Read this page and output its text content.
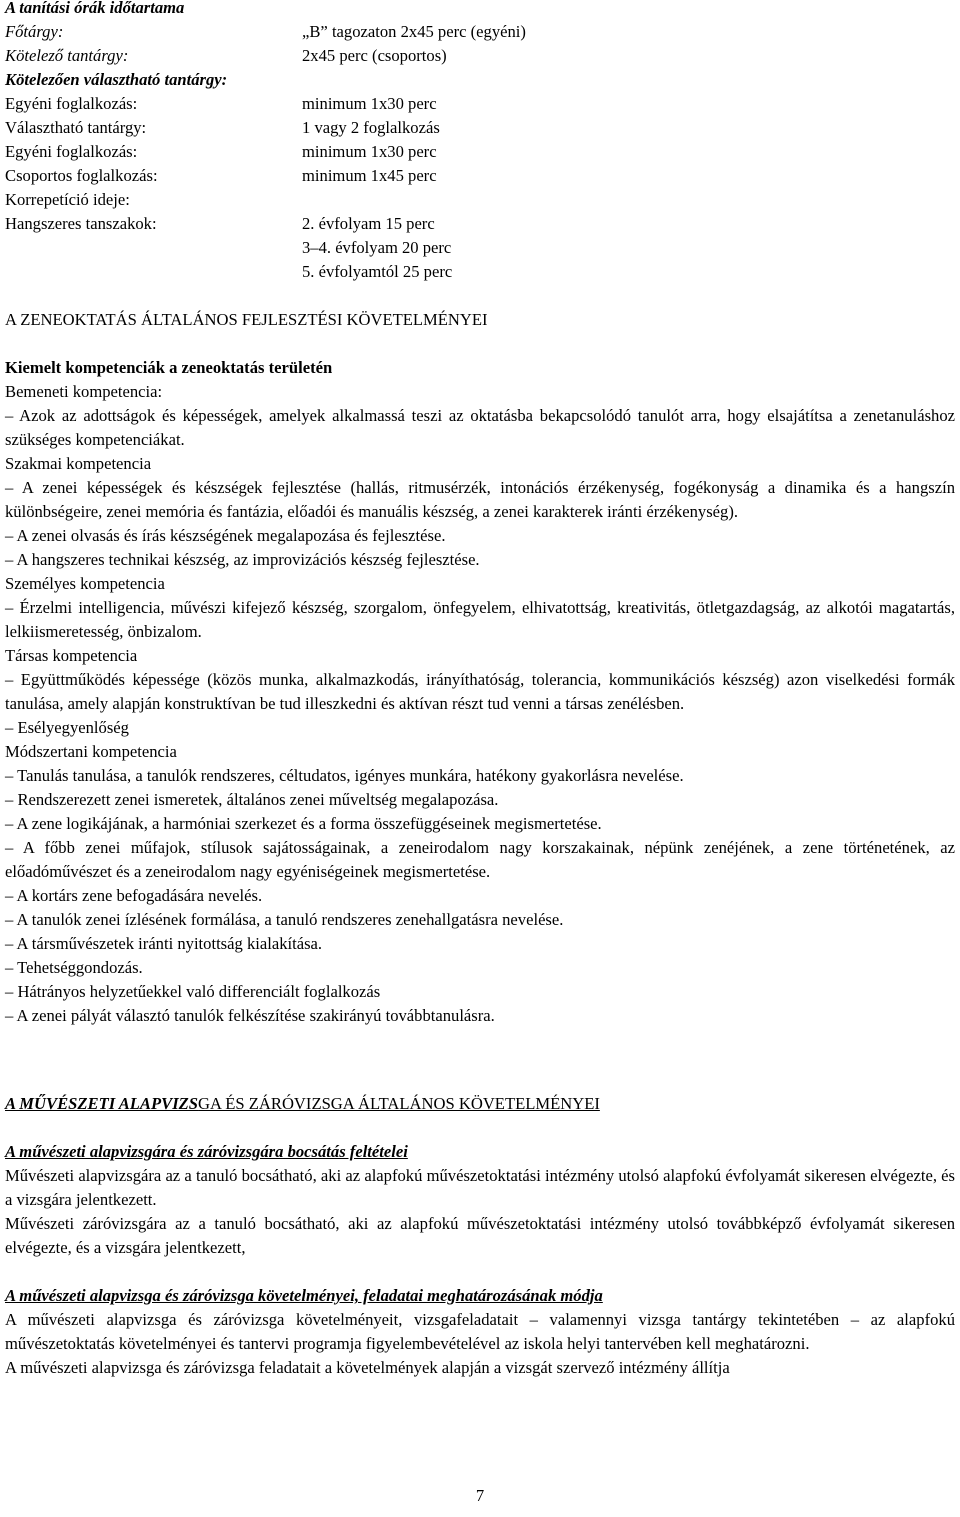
A tanítási órák időtartama
Főtárgy:	„B” tagozaton 2x45 perc (egyéni)
Kötelező tantárgy:	2x45 perc (csoportos)
Kötelezően választható tantárgy:
Egyéni foglalkozás:	minimum 1x30 perc
Választható tantárgy:	1 vagy 2 foglalkozás
Egyéni foglalkozás:	minimum 1x30 perc
Csoportos foglalkozás:	minimum 1x45 perc
Korrepetíció ideje:
Hangszeres tanszakok:	2. évfolyam 15 perc
3–4. évfolyam 20 perc
5. évfolyamtól 25 perc
A ZENEOKTATÁS ÁLTALÁNOS FEJLESZTÉSI KÖVETELMÉNYEI
Kiemelt kompetenciák a zeneoktatás területén
Bemeneti kompetencia:
– Azok az adottságok és képességek, amelyek alkalmassá teszi az oktatásba bekapcsolódó tanulót arra, hogy elsajátítsa a zenetanuláshoz szükséges kompetenciákat.
Szakmai kompetencia
– A zenei képességek és készségek fejlesztése (hallás, ritmusérzék, intonációs érzékenység, fogékonyság a dinamika és a hangszín különbségeire, zenei memória és fantázia, előadói és manuális készség, a zenei karakterek iránti érzékenység).
– A zenei olvasás és írás készségének megalapozása és fejlesztése.
– A hangszeres technikai készség, az improvizációs készség fejlesztése.
Személyes kompetencia
– Érzelmi intelligencia, művészi kifejező készség, szorgalom, önfegyelem, elhivatottság, kreativitás, ötletgazdagság, az alkotói magatartás, lelkiismeretesség, önbizalom.
Társas kompetencia
– Együttműködés képessége (közös munka, alkalmazkodás, irányíthatóság, tolerancia, kommunikációs készség) azon viselkedési formák tanulása, amely alapján konstruktívan be tud illeszkedni és aktívan részt tud venni a társas zenélésben.
– Esélyegyenlőség
Módszertani kompetencia
– Tanulás tanulása, a tanulók rendszeres, céltudatos, igényes munkára, hatékony gyakorlásra nevelése.
– Rendszerezett zenei ismeretek, általános zenei műveltség megalapozása.
– A zene logikájának, a harmóniai szerkezet és a forma összefüggéseinek megismertetése.
– A főbb zenei műfajok, stílusok sajátosságainak, a zeneirodalom nagy korszakainak, népünk zenéjének, a zene történetének, az előadóművészet és a zeneirodalom nagy egyéniségeinek megismertetése.
– A kortárs zene befogadására nevelés.
– A tanulók zenei ízlésének formálása, a tanuló rendszeres zenehallgatásra nevelése.
– A társművészetek iránti nyitottság kialakítása.
– Tehetséggondozás.
– Hátrányos helyzetűekkel való differenciált foglalkozás
– A zenei pályát választó tanulók felkészítése szakirányú továbbtanulásra.
A MŰVÉSZETI ALAPVIZSGA ÉS ZÁRÓVIZSGA ÁLTALÁNOS KÖVETELMÉNYEI
A művészeti alapvizsgára és záróvizsgára bocsátás feltételei
Művészeti alapvizsgára az a tanuló bocsátható, aki az alapfokú művészetoktatási intézmény utolsó alapfokú évfolyamát sikeresen elvégezte, és a vizsgára jelentkezett.
Művészeti záróvizsgára az a tanuló bocsátható, aki az alapfokú művészetoktatási intézmény utolsó továbbképző évfolyamát sikeresen elvégezte, és a vizsgára jelentkezett,
A művészeti alapvizsga és záróvizsga követelményei, feladatai meghatározásának módja
A művészeti alapvizsga és záróvizsga követelményeit, vizsgafeladatait – valamennyi vizsga tantárgy tekintetében – az alapfokú művészetoktatás követelményei és tantervi programja figyelembevételével az iskola helyi tantervében kell meghatározni.
A művészeti alapvizsga és záróvizsga feladatait a követelmények alapján a vizsgát szervező intézmény állítja
7
